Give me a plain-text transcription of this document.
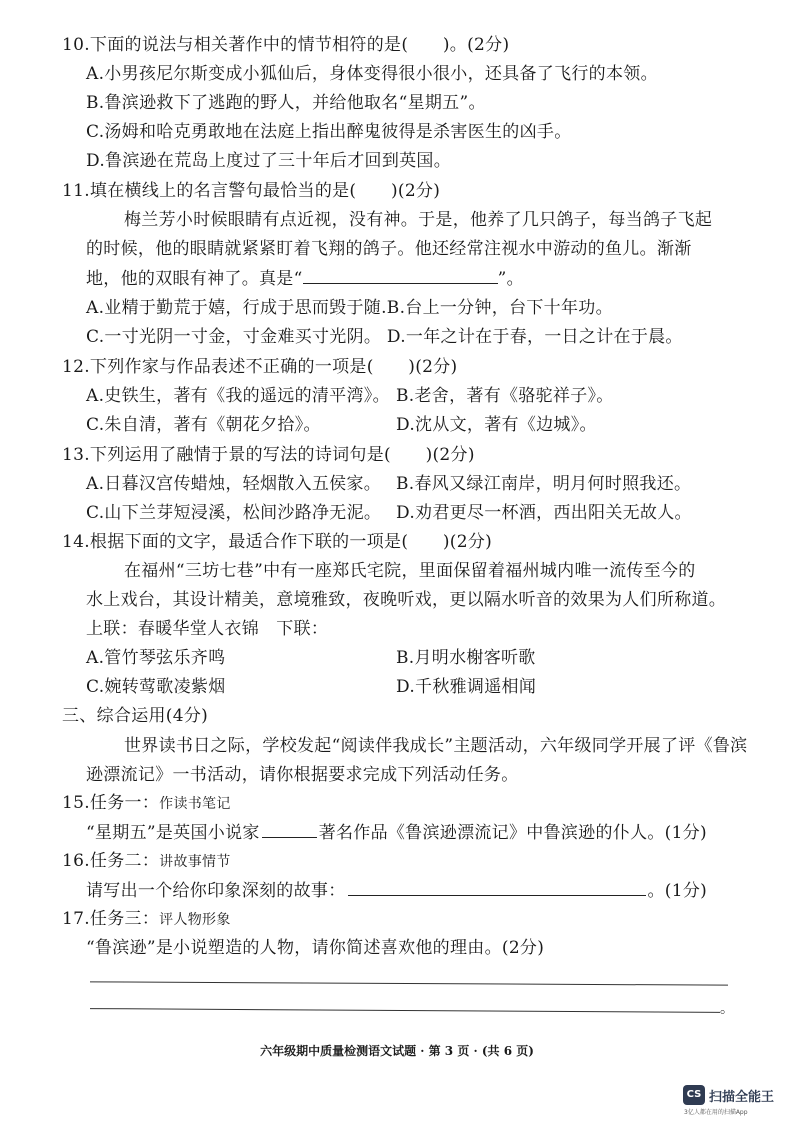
10.下面的说法与相关著作中的情节相符的是(　　)。(2分)
A.小男孩尼尔斯变成小狐仙后，身体变得很小很小，还具备了飞行的本领。
B.鲁滨逊救下了逃跑的野人，并给他取名“星期五”。
C.汤姆和哈克勇敢地在法庭上指出醉鬼彼得是杀害医生的凶手。
D.鲁滨逊在荒岛上度过了三十年后才回到英国。
11.填在横线上的名言警句最恰当的是(　　)(2分)
梅兰芳小时候眼睛有点近视，没有神。于是，他养了几只鸽子，每当鸽子飞起
的时候，他的眼睛就紧紧盯着飞翔的鸽子。他还经常注视水中游动的鱼儿。渐渐
地，他的双眼有神了。真是“	”。
A.业精于勤荒于嬉，行成于思而毁于随.B.台上一分钟，台下十年功。
C.一寸光阴一寸金，寸金难买寸光阴。 D.一年之计在于春，一日之计在于晨。
12.下列作家与作品表述不正确的一项是(　　)(2分)
A.史铁生，著有《我的遥远的清平湾》。 B.老舍，著有《骆驼祥子》。
C.朱自清，著有《朝花夕拾》。	D.沈从文，著有《边城》。
13.下列运用了融情于景的写法的诗词句是(　　)(2分)
A.日暮汉宫传蜡烛，轻烟散入五侯家。 B.春风又绿江南岸，明月何时照我还。
C.山下兰芽短浸溪，松间沙路净无泥。 D.劝君更尽一杯酒，西出阳关无故人。
14.根据下面的文字，最适合作下联的一项是(　　)(2分)
在福州“三坊七巷”中有一座郑氏宅院，里面保留着福州城内唯一流传至今的
水上戏台，其设计精美，意境雅致，夜晚听戏，更以隔水听音的效果为人们所称道。
上联：春暖华堂人衣锦　下联：
A.管竹琴弦乐齐鸣	B.月明水榭客听歌
C.婉转莺歌凌紫烟	D.千秋雅调遥相闻
三、综合运用(4分)
世界读书日之际，学校发起“阅读伴我成长”主题活动，六年级同学开展了评《鲁滨
逊漂流记》一书活动，请你根据要求完成下列活动任务。
15.任务一：作读书笔记
“星期五”是英国小说家	著名作品《鲁滨逊漂流记》中鲁滨逊的仆人。(1分)
16.任务二：讲故事情节
请写出一个给你印象深刻的故事：	。(1分)
17.任务三：评人物形象
“鲁滨逊”是小说塑造的人物，请你简述喜欢他的理由。(2分)
。
六年级期中质量检测语文试题 · 第 3 页 · (共 6 页)
CS 扫描全能王
3亿人都在用的扫描App
